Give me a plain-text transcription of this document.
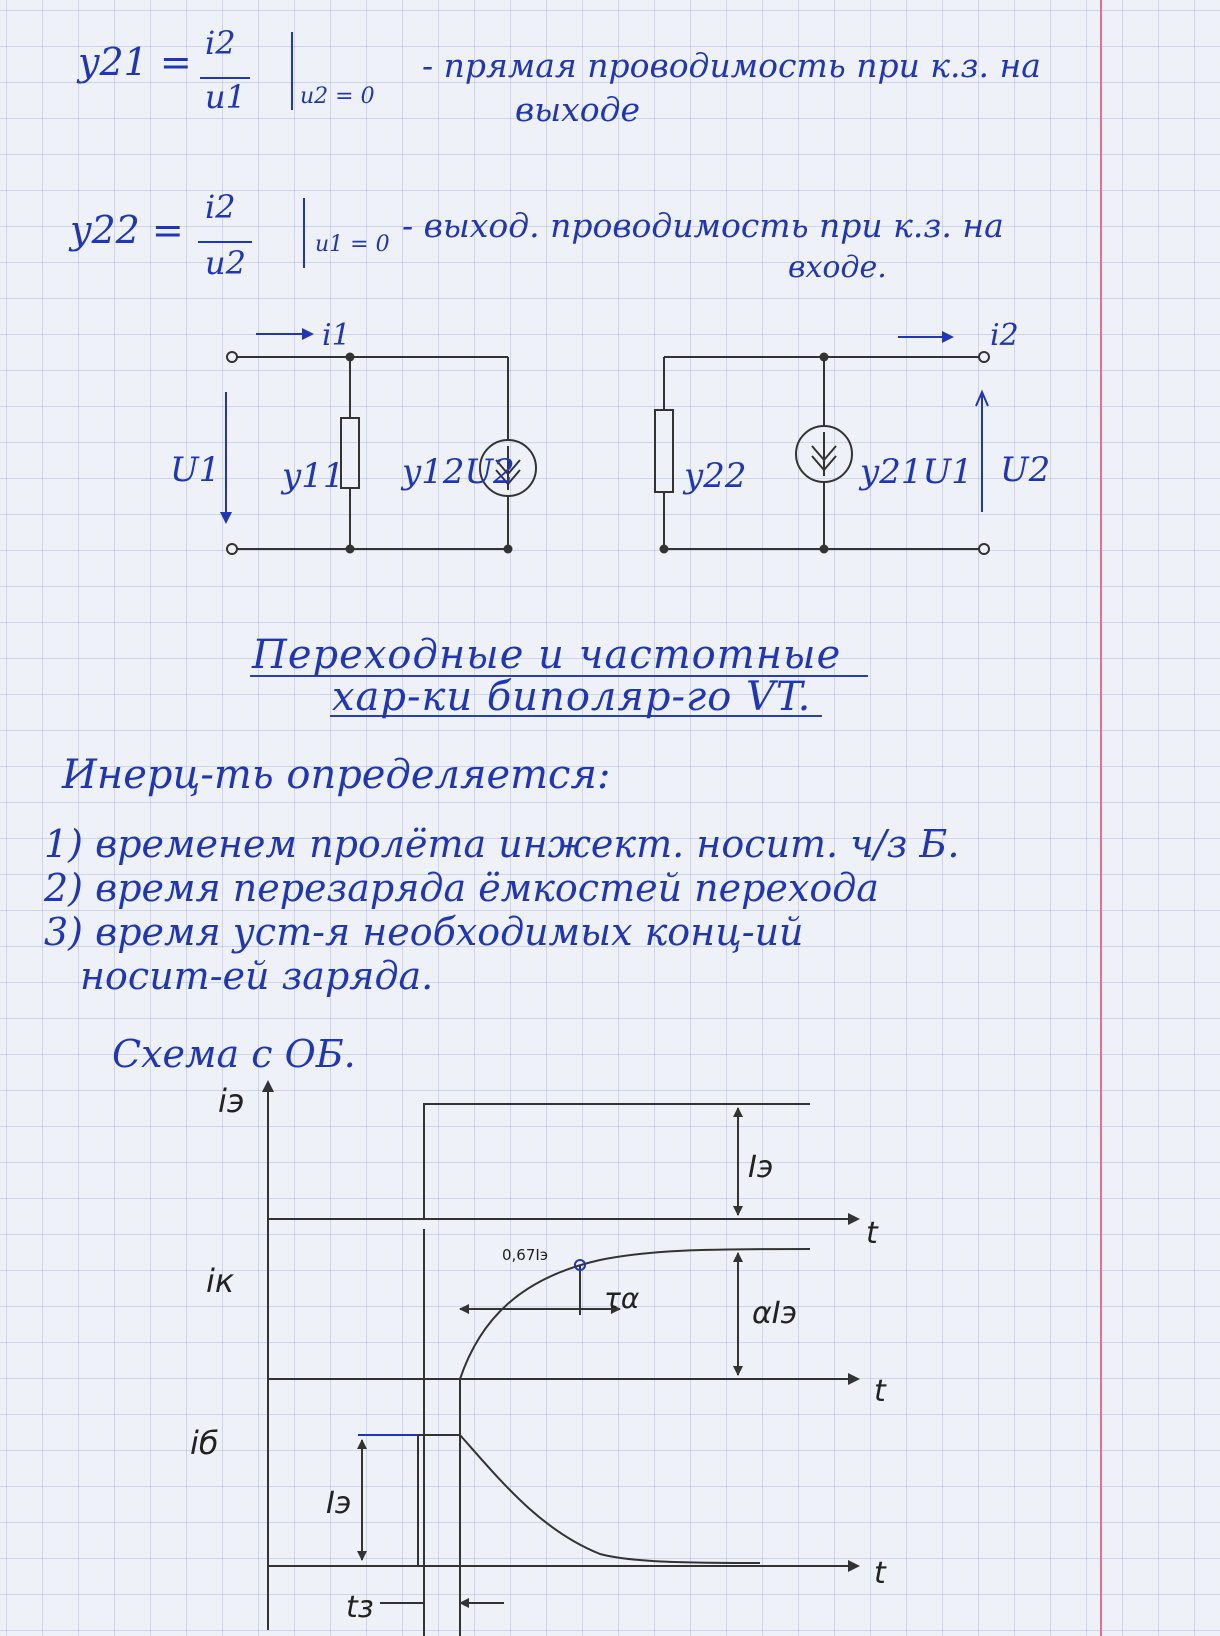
y21 = i2
u1 u2 = 0
- прямая проводимость при к.з. на
выходе
y22 =
i2
u2	u1 = 0 - выход. проводимость при к.з. на
входе.
i1	i2
U1 y11 y12U2	y22	y21U1 U2
Переходные и частотные
хар-ки биполяр-го VT.
Инерц-ть определяется:
1) временем пролёта инжект. носит. ч/з Б.
2) время перезаряда ёмкостей перехода
3) время уст-я необходимых конц-ий
носит-ей заряда.
Схема с ОБ.
iэ
iк
iб
t
t
t
Iэ
αIэ
Iэ
τα
0,67Iэ
tз
